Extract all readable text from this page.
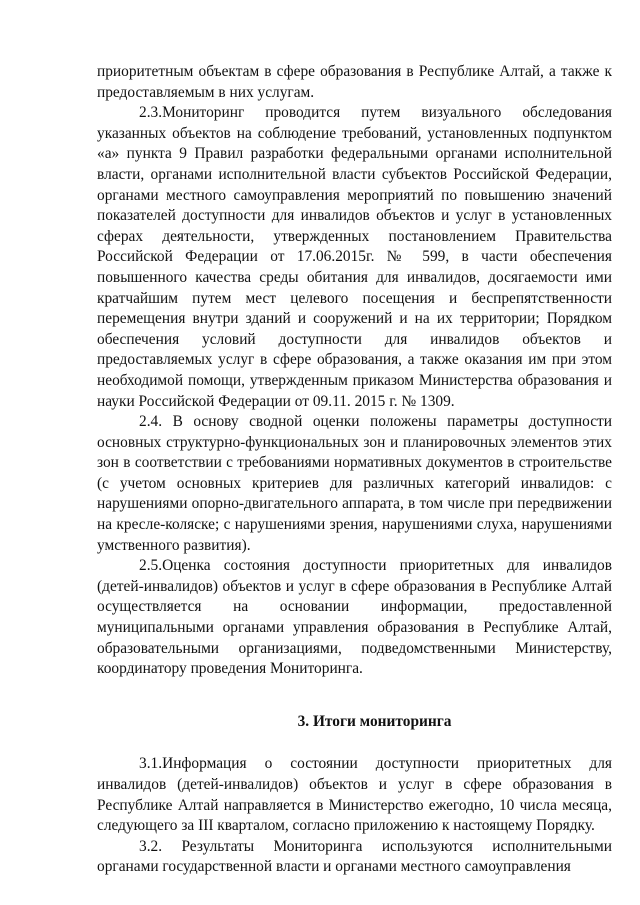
приоритетным объектам в сфере образования в Республике Алтай, а также к предоставляемым в них услугам.

2.3.Мониторинг проводится путем визуального обследования указанных объектов на соблюдение требований, установленных подпунктом «а» пункта 9 Правил разработки федеральными органами исполнительной власти, органами исполнительной власти субъектов Российской Федерации, органами местного самоуправления мероприятий по повышению значений показателей доступности для инвалидов объектов и услуг в установленных сферах деятельности, утвержденных постановлением Правительства Российской Федерации от 17.06.2015г. № 599, в части обеспечения повышенного качества среды обитания для инвалидов, досягаемости ими кратчайшим путем мест целевого посещения и беспрепятственности перемещения внутри зданий и сооружений и на их территории; Порядком обеспечения условий доступности для инвалидов объектов и предоставляемых услуг в сфере образования, а также оказания им при этом необходимой помощи, утвержденным приказом Министерства образования и науки Российской Федерации от 09.11. 2015 г. № 1309.

2.4. В основу сводной оценки положены параметры доступности основных структурно-функциональных зон и планировочных элементов этих зон в соответствии с требованиями нормативных документов в строительстве (с учетом основных критериев для различных категорий инвалидов: с нарушениями опорно-двигательного аппарата, в том числе при передвижении на кресле-коляске; с нарушениями зрения, нарушениями слуха, нарушениями умственного развития).

2.5.Оценка состояния доступности приоритетных для инвалидов (детей-инвалидов) объектов и услуг в сфере образования в Республике Алтай осуществляется на основании информации, предоставленной муниципальными органами управления образования в Республике Алтай, образовательными организациями, подведомственными Министерству, координатору проведения Мониторинга.

3. Итоги мониторинга

3.1.Информация о состоянии доступности приоритетных для инвалидов (детей-инвалидов) объектов и услуг в сфере образования в Республике Алтай направляется в Министерство ежегодно, 10 числа месяца, следующего за III кварталом, согласно приложению к настоящему Порядку.

3.2. Результаты Мониторинга используются исполнительными органами государственной власти и органами местного самоуправления
